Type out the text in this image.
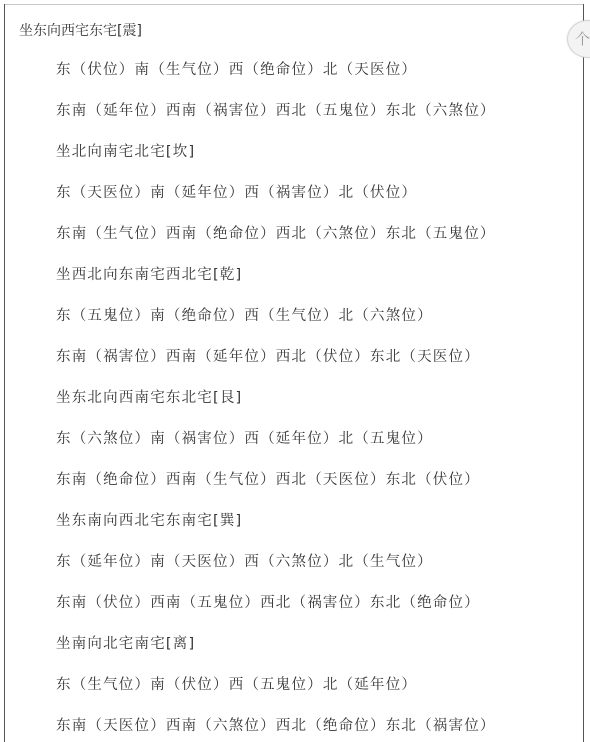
个
坐东向西宅东宅[震]
东（伏位）南（生气位）西（绝命位）北（天医位）
东南（延年位）西南（祸害位）西北（五鬼位）东北（六煞位）
坐北向南宅北宅[坎]
东（天医位）南（延年位）西（祸害位）北（伏位）
东南（生气位）西南（绝命位）西北（六煞位）东北（五鬼位）
坐西北向东南宅西北宅[乾]
东（五鬼位）南（绝命位）西（生气位）北（六煞位）
东南（祸害位）西南（延年位）西北（伏位）东北（天医位）
坐东北向西南宅东北宅[艮]
东（六煞位）南（祸害位）西（延年位）北（五鬼位）
东南（绝命位）西南（生气位）西北（天医位）东北（伏位）
坐东南向西北宅东南宅[巽]
东（延年位）南（天医位）西（六煞位）北（生气位）
东南（伏位）西南（五鬼位）西北（祸害位）东北（绝命位）
坐南向北宅南宅[离]
东（生气位）南（伏位）西（五鬼位）北（延年位）
东南（天医位）西南（六煞位）西北（绝命位）东北（祸害位）
